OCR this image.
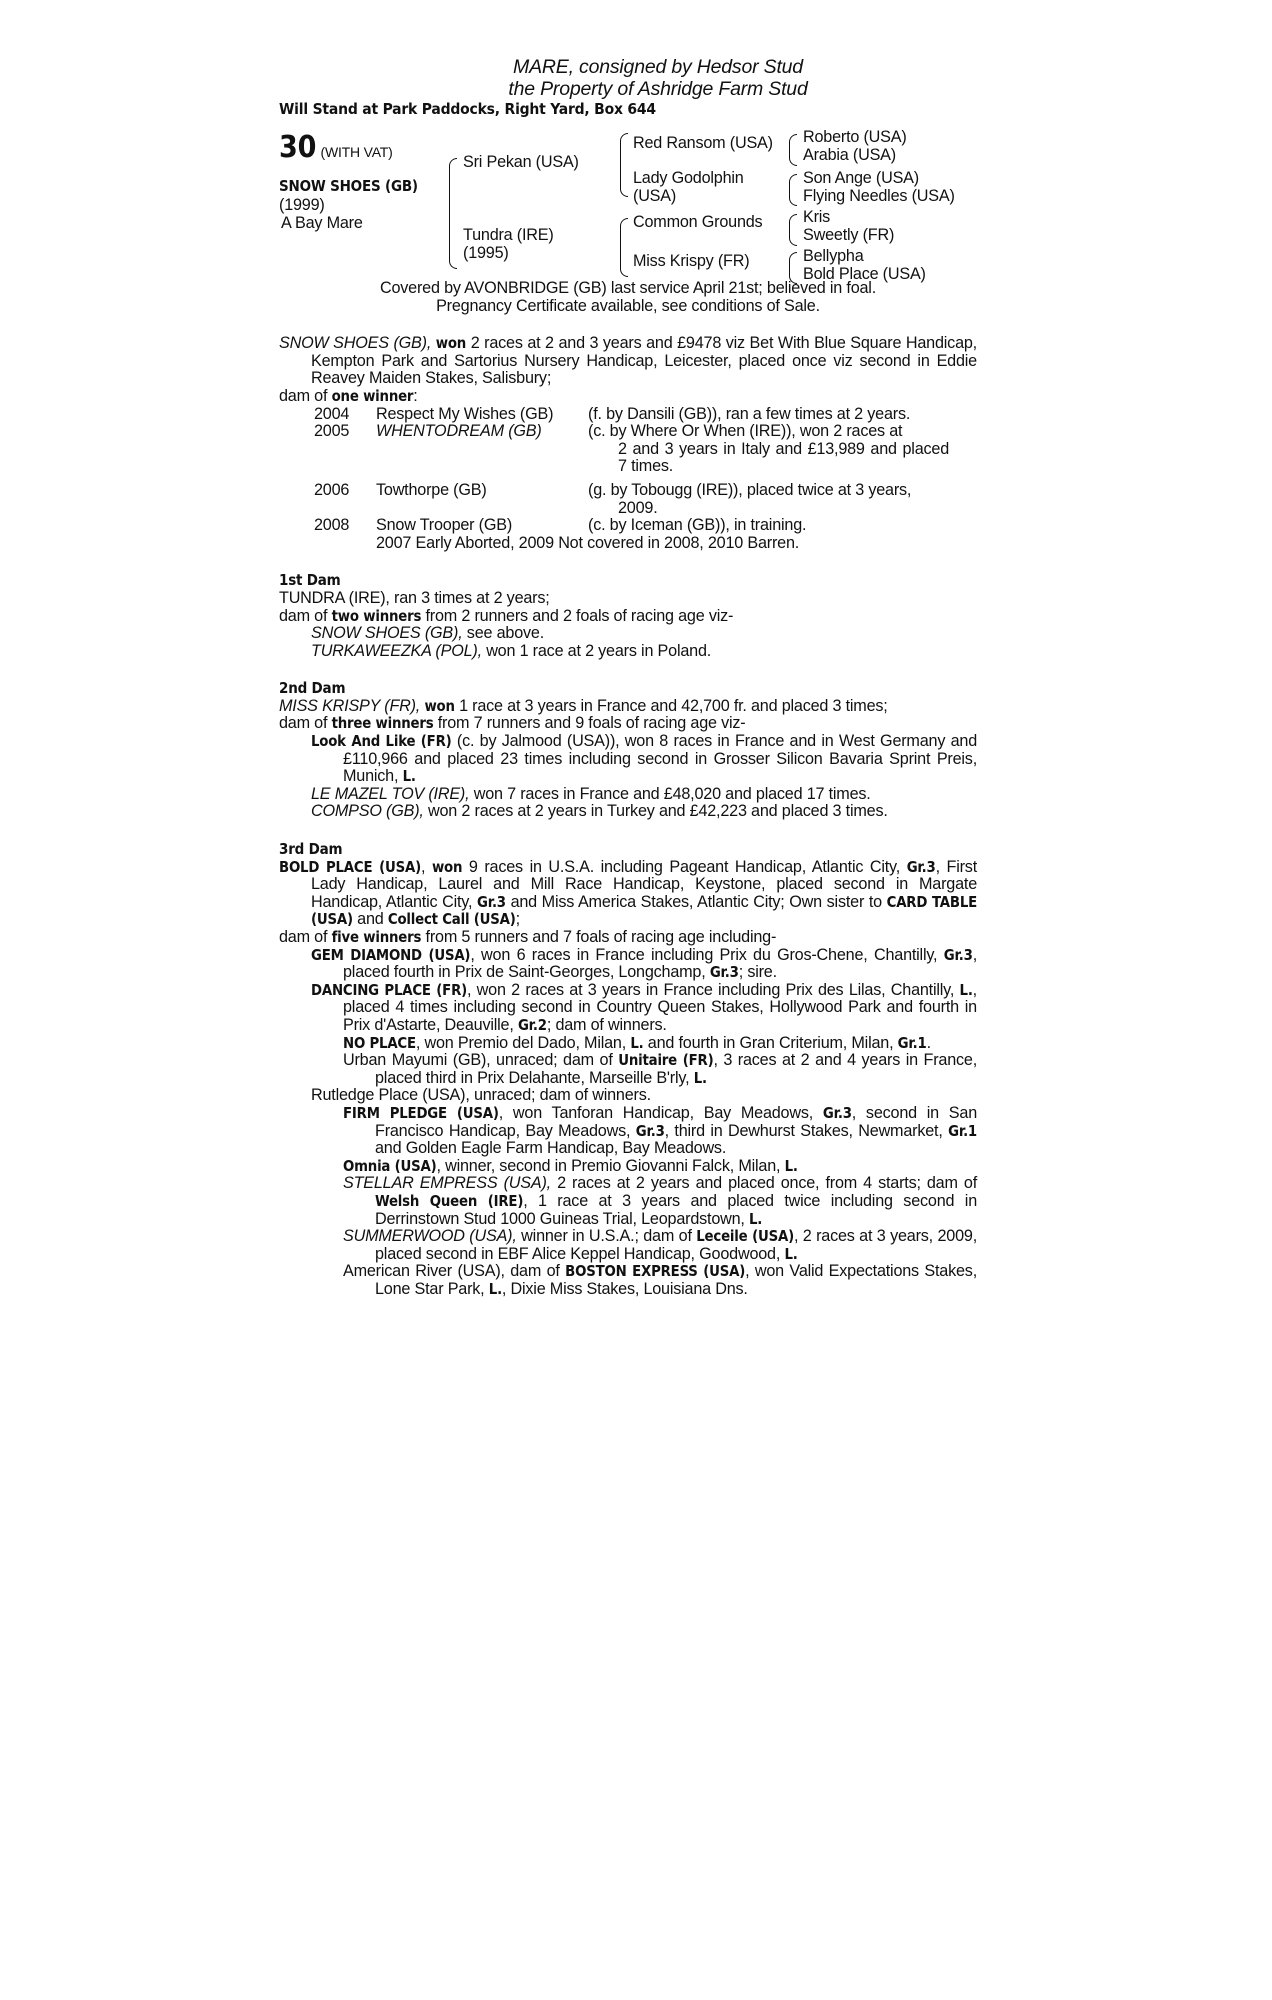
MARE, consigned by Hedsor Stud
the Property of Ashridge Farm Stud
Will Stand at Park Paddocks, Right Yard, Box 644
30 (WITH VAT)
SNOW SHOES (GB)
(1999)
A Bay Mare
Sri Pekan (USA)
Tundra (IRE)
(1995)
Red Ransom (USA)
Lady Godolphin
(USA)
Common Grounds
Miss Krispy (FR)
Roberto (USA)
Arabia (USA)
Son Ange (USA)
Flying Needles (USA)
Kris
Sweetly (FR)
Bellypha
Bold Place (USA)
Covered by AVONBRIDGE (GB) last service April 21st; believed in foal.
Pregnancy Certificate available, see conditions of Sale.

SNOW SHOES (GB), won 2 races at 2 and 3 years and £9478 viz Bet With Blue Square Handicap, Kempton Park and Sartorius Nursery Handicap, Leicester, placed once viz second in Eddie Reavey Maiden Stakes, Salisbury;

dam of one winner:

2004 Respect My Wishes (GB)	(f. by Dansili (GB)), ran a few times at 2 years.
2005 WHENTODREAM (GB)	(c. by Where Or When (IRE)), won 2 races at
2 and 3 years in Italy and £13,989 and placed 7 times.
2006 Towthorpe (GB)	(g. by Tobougg (IRE)), placed twice at 3 years,
2009.
2008 Snow Trooper (GB)	(c. by Iceman (GB)), in training.

2007 Early Aborted, 2009 Not covered in 2008, 2010 Barren.

1st Dam

TUNDRA (IRE), ran 3 times at 2 years;

dam of two winners from 2 runners and 2 foals of racing age viz-

SNOW SHOES (GB), see above.

TURKAWEEZKA (POL), won 1 race at 2 years in Poland.

2nd Dam

MISS KRISPY (FR), won 1 race at 3 years in France and 42,700 fr. and placed 3 times;

dam of three winners from 7 runners and 9 foals of racing age viz-

Look And Like (FR) (c. by Jalmood (USA)), won 8 races in France and in West Germany and £110,966 and placed 23 times including second in Grosser Silicon Bavaria Sprint Preis, Munich, L.

LE MAZEL TOV (IRE), won 7 races in France and £48,020 and placed 17 times.

COMPSO (GB), won 2 races at 2 years in Turkey and £42,223 and placed 3 times.

3rd Dam

BOLD PLACE (USA), won 9 races in U.S.A. including Pageant Handicap, Atlantic City, Gr.3, First Lady Handicap, Laurel and Mill Race Handicap, Keystone, placed second in Margate Handicap, Atlantic City, Gr.3 and Miss America Stakes, Atlantic City; Own sister to CARD TABLE (USA) and Collect Call (USA);

dam of five winners from 5 runners and 7 foals of racing age including-

GEM DIAMOND (USA), won 6 races in France including Prix du Gros-Chene, Chantilly, Gr.3, placed fourth in Prix de Saint-Georges, Longchamp, Gr.3; sire.

DANCING PLACE (FR), won 2 races at 3 years in France including Prix des Lilas, Chantilly, L., placed 4 times including second in Country Queen Stakes, Hollywood Park and fourth in Prix d'Astarte, Deauville, Gr.2; dam of winners.

NO PLACE, won Premio del Dado, Milan, L. and fourth in Gran Criterium, Milan, Gr.1.

Urban Mayumi (GB), unraced; dam of Unitaire (FR), 3 races at 2 and 4 years in France, placed third in Prix Delahante, Marseille B'rly, L.

Rutledge Place (USA), unraced; dam of winners.

FIRM PLEDGE (USA), won Tanforan Handicap, Bay Meadows, Gr.3, second in San Francisco Handicap, Bay Meadows, Gr.3, third in Dewhurst Stakes, Newmarket, Gr.1 and Golden Eagle Farm Handicap, Bay Meadows.

Omnia (USA), winner, second in Premio Giovanni Falck, Milan, L.

STELLAR EMPRESS (USA), 2 races at 2 years and placed once, from 4 starts; dam of Welsh Queen (IRE), 1 race at 3 years and placed twice including second in Derrinstown Stud 1000 Guineas Trial, Leopardstown, L.

SUMMERWOOD (USA), winner in U.S.A.; dam of Leceile (USA), 2 races at 3 years, 2009, placed second in EBF Alice Keppel Handicap, Goodwood, L.

American River (USA), dam of BOSTON EXPRESS (USA), won Valid Expectations Stakes, Lone Star Park, L., Dixie Miss Stakes, Louisiana Dns.
